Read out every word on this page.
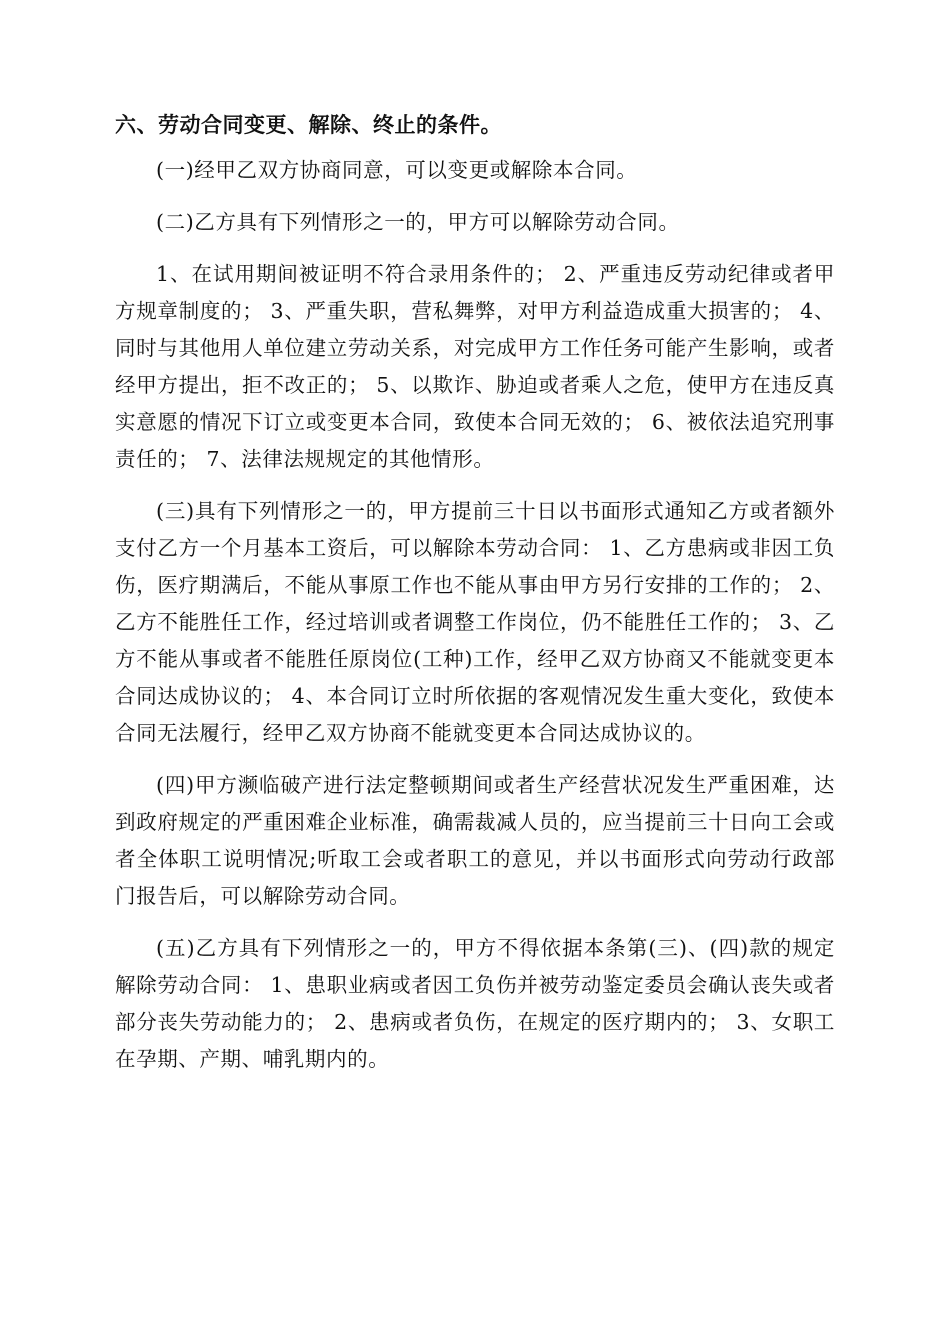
六、劳动合同变更、解除、终止的条件。

(一)经甲乙双方协商同意，可以变更或解除本合同。

(二)乙方具有下列情形之一的，甲方可以解除劳动合同。

1、在试用期间被证明不符合录用条件的； 2、严重违反劳动纪律或者甲方规章制度的； 3、严重失职，营私舞弊，对甲方利益造成重大损害的； 4、同时与其他用人单位建立劳动关系，对完成甲方工作任务可能产生影响，或者经甲方提出，拒不改正的； 5、以欺诈、胁迫或者乘人之危，使甲方在违反真实意愿的情况下订立或变更本合同，致使本合同无效的； 6、被依法追究刑事责任的； 7、法律法规规定的其他情形。

(三)具有下列情形之一的，甲方提前三十日以书面形式通知乙方或者额外支付乙方一个月基本工资后，可以解除本劳动合同： 1、乙方患病或非因工负伤，医疗期满后，不能从事原工作也不能从事由甲方另行安排的工作的； 2、乙方不能胜任工作，经过培训或者调整工作岗位，仍不能胜任工作的； 3、乙方不能从事或者不能胜任原岗位(工种)工作，经甲乙双方协商又不能就变更本合同达成协议的； 4、本合同订立时所依据的客观情况发生重大变化，致使本合同无法履行，经甲乙双方协商不能就变更本合同达成协议的。

(四)甲方濒临破产进行法定整顿期间或者生产经营状况发生严重困难，达到政府规定的严重困难企业标准，确需裁减人员的，应当提前三十日向工会或者全体职工说明情况;听取工会或者职工的意见，并以书面形式向劳动行政部门报告后，可以解除劳动合同。

(五)乙方具有下列情形之一的，甲方不得依据本条第(三)、(四)款的规定解除劳动合同： 1、患职业病或者因工负伤并被劳动鉴定委员会确认丧失或者部分丧失劳动能力的； 2、患病或者负伤，在规定的医疗期内的； 3、女职工在孕期、产期、哺乳期内的。
